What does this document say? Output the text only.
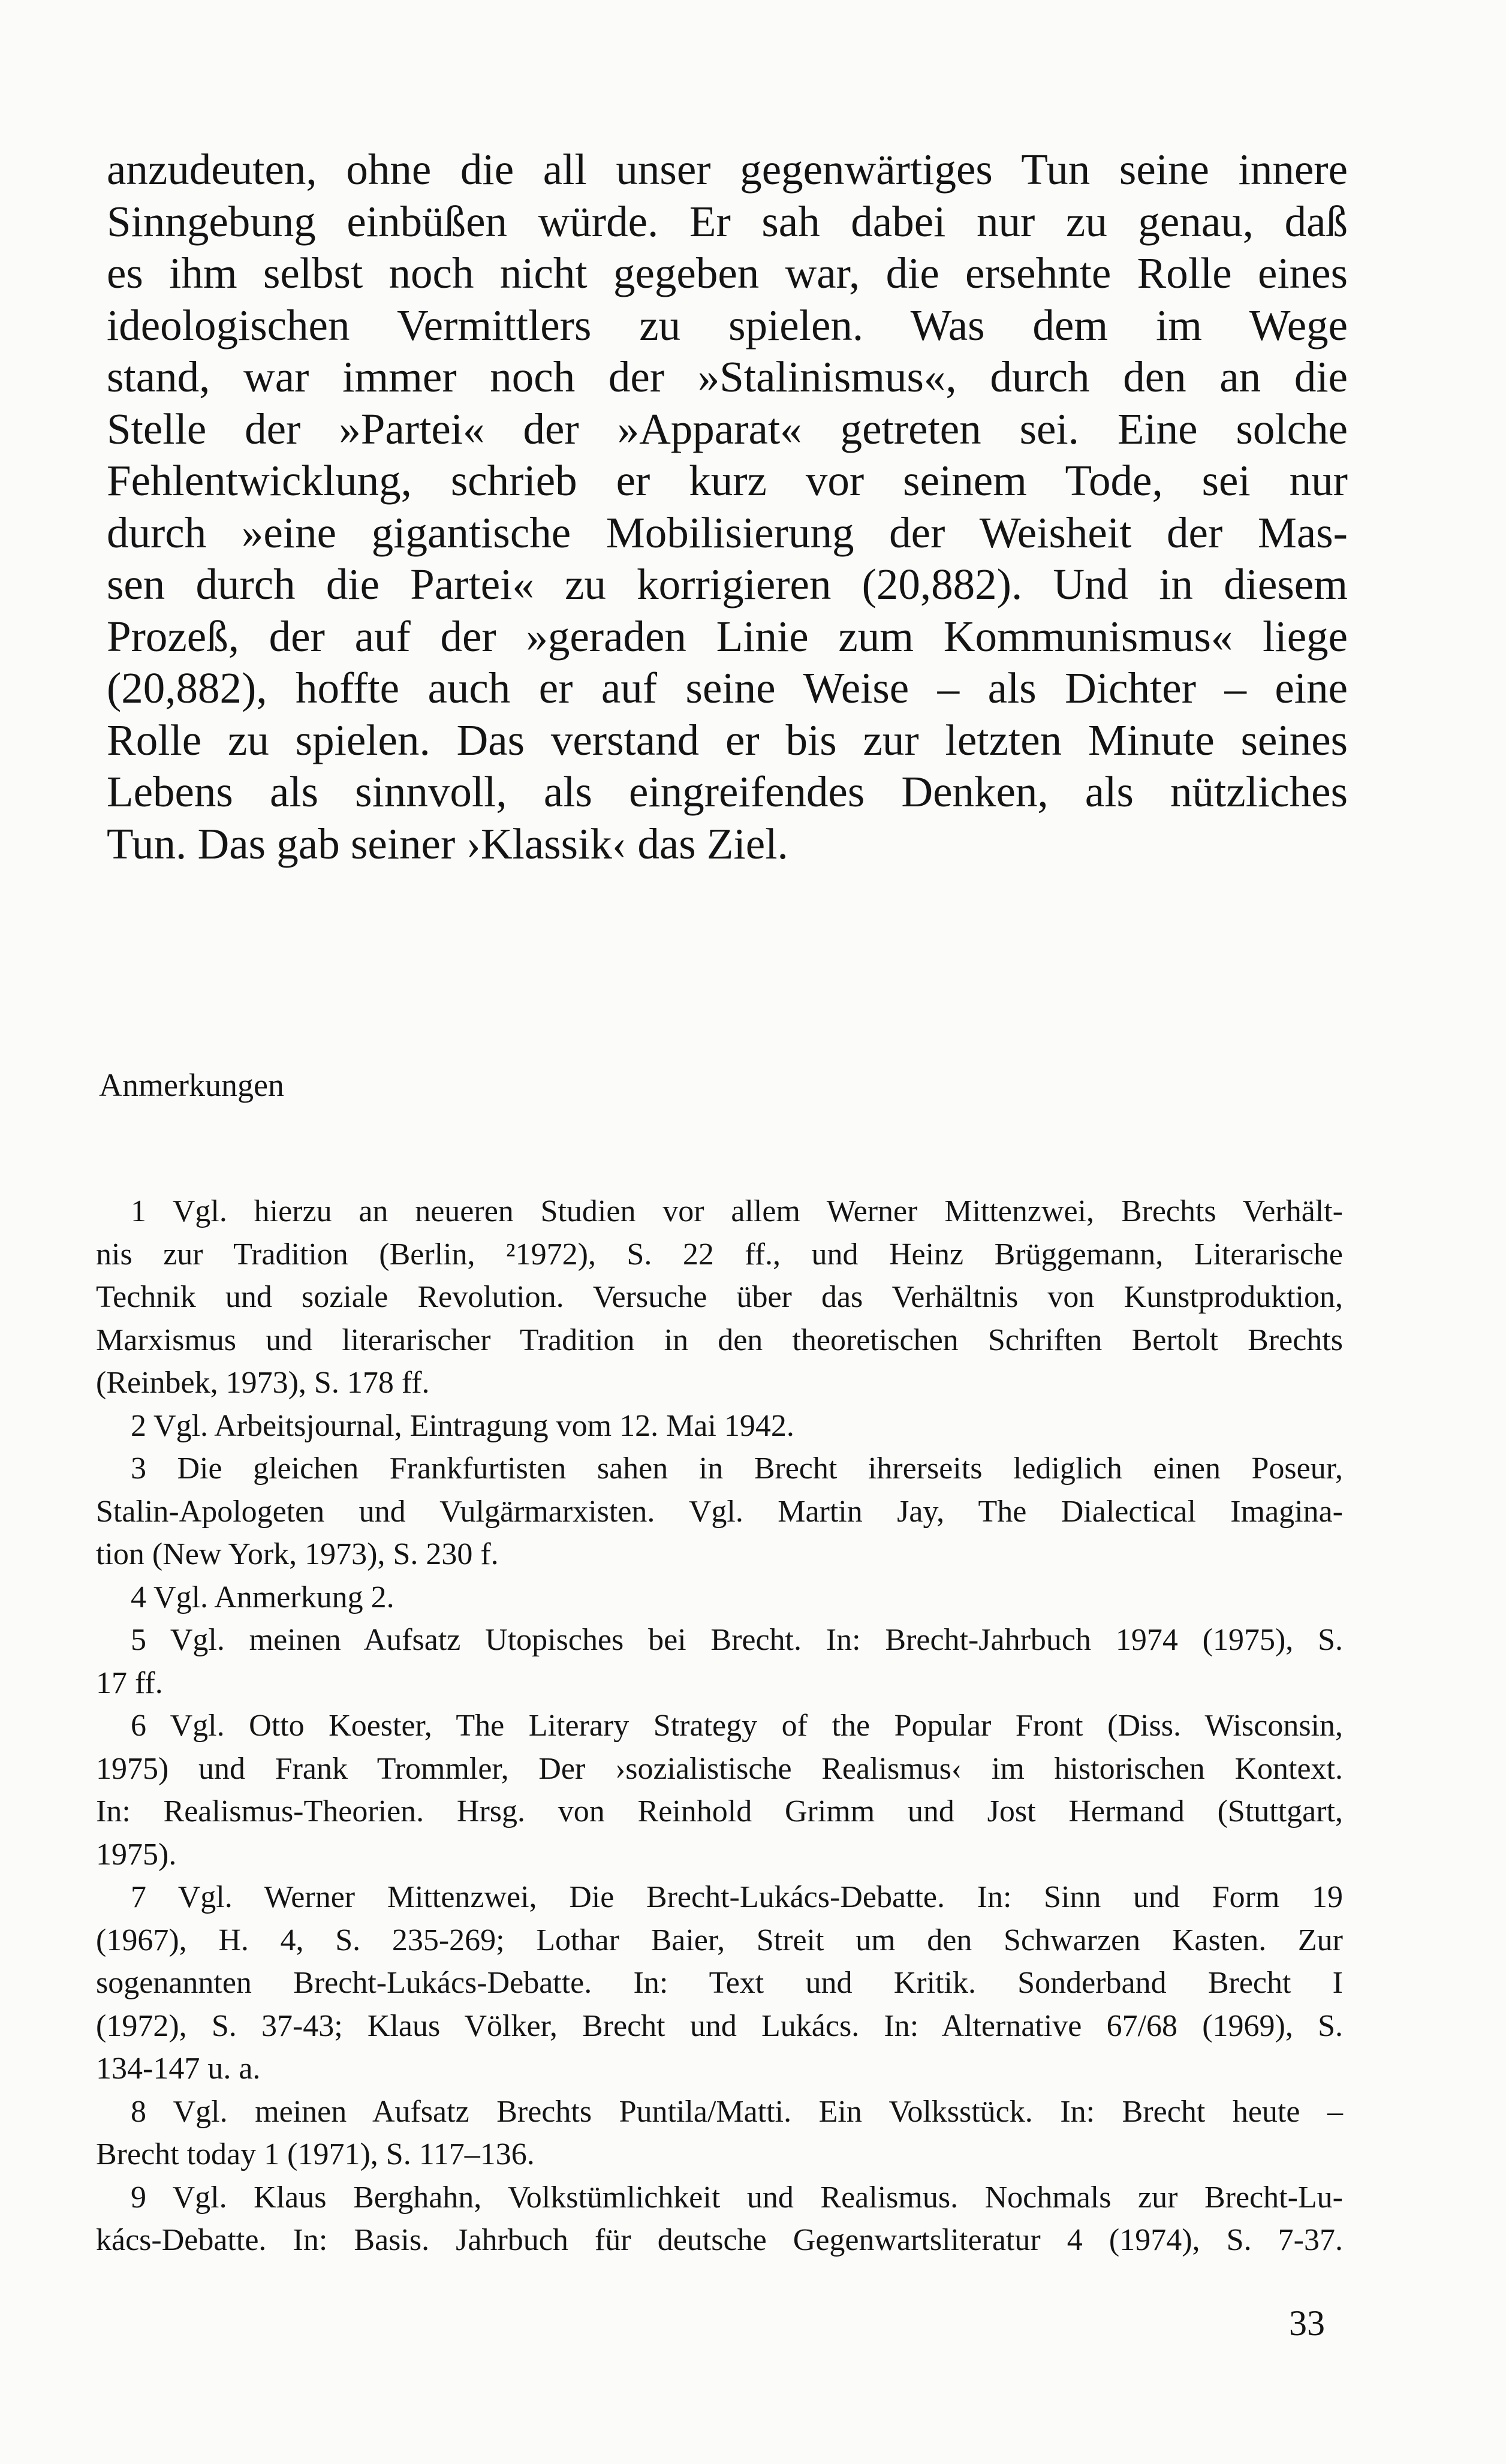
anzudeuten, ohne die all unser gegenwärtiges Tun seine innere
Sinngebung einbüßen würde. Er sah dabei nur zu genau, daß
es ihm selbst noch nicht gegeben war, die ersehnte Rolle eines
ideologischen Vermittlers zu spielen. Was dem im Wege
stand, war immer noch der »Stalinismus«, durch den an die
Stelle der »Partei« der »Apparat« getreten sei. Eine solche
Fehlentwicklung, schrieb er kurz vor seinem Tode, sei nur
durch »eine gigantische Mobilisierung der Weisheit der Mas-
sen durch die Partei« zu korrigieren (20,882). Und in diesem
Prozeß, der auf der »geraden Linie zum Kommunismus« liege
(20,882), hoffte auch er auf seine Weise – als Dichter – eine
Rolle zu spielen. Das verstand er bis zur letzten Minute seines
Lebens als sinnvoll, als eingreifendes Denken, als nützliches
Tun. Das gab seiner ›Klassik‹ das Ziel.
Anmerkungen
1 Vgl. hierzu an neueren Studien vor allem Werner Mittenzwei, Brechts Verhält-
nis zur Tradition (Berlin, ²1972), S. 22 ff., und Heinz Brüggemann, Literarische
Technik und soziale Revolution. Versuche über das Verhältnis von Kunstproduktion,
Marxismus und literarischer Tradition in den theoretischen Schriften Bertolt Brechts
(Reinbek, 1973), S. 178 ff.
2 Vgl. Arbeitsjournal, Eintragung vom 12. Mai 1942.
3 Die gleichen Frankfurtisten sahen in Brecht ihrerseits lediglich einen Poseur,
Stalin-Apologeten und Vulgärmarxisten. Vgl. Martin Jay, The Dialectical Imagina-
tion (New York, 1973), S. 230 f.
4 Vgl. Anmerkung 2.
5 Vgl. meinen Aufsatz Utopisches bei Brecht. In: Brecht-Jahrbuch 1974 (1975), S.
17 ff.
6 Vgl. Otto Koester, The Literary Strategy of the Popular Front (Diss. Wisconsin,
1975) und Frank Trommler, Der ›sozialistische Realismus‹ im historischen Kontext.
In: Realismus-Theorien. Hrsg. von Reinhold Grimm und Jost Hermand (Stuttgart,
1975).
7 Vgl. Werner Mittenzwei, Die Brecht-Lukács-Debatte. In: Sinn und Form 19
(1967), H. 4, S. 235-269; Lothar Baier, Streit um den Schwarzen Kasten. Zur
sogenannten Brecht-Lukács-Debatte. In: Text und Kritik. Sonderband Brecht I
(1972), S. 37-43; Klaus Völker, Brecht und Lukács. In: Alternative 67/68 (1969), S.
134-147 u. a.
8 Vgl. meinen Aufsatz Brechts Puntila/Matti. Ein Volksstück. In: Brecht heute –
Brecht today 1 (1971), S. 117–136.
9 Vgl. Klaus Berghahn, Volkstümlichkeit und Realismus. Nochmals zur Brecht-Lu-
kács-Debatte. In: Basis. Jahrbuch für deutsche Gegenwartsliteratur 4 (1974), S. 7-37.
33
